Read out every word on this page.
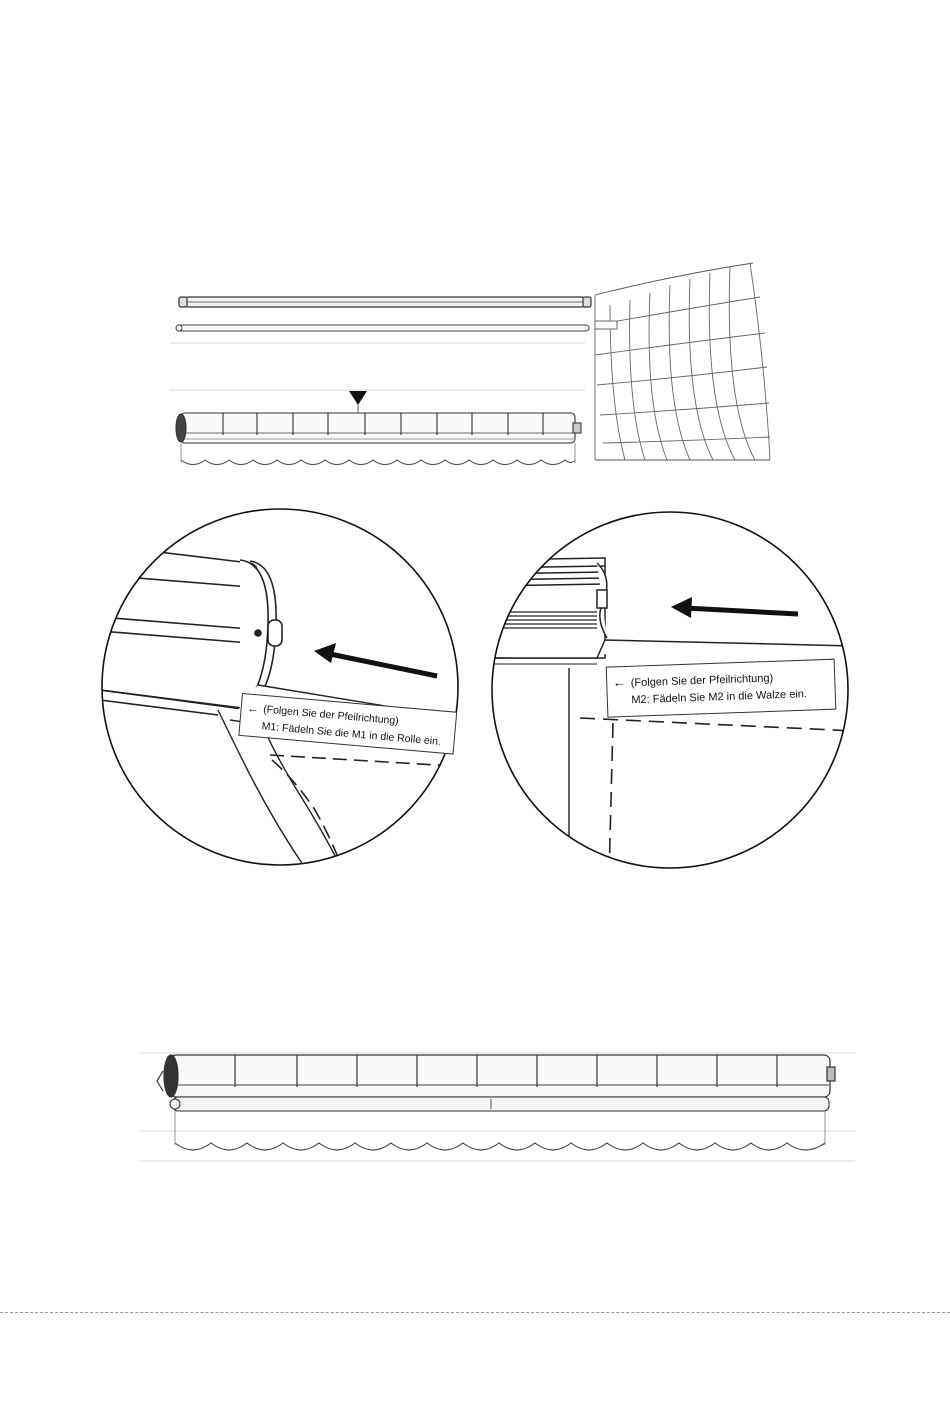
← (Folgen Sie der Pfeilrichtung)
M1: Fädeln Sie die M1 in die Rolle ein.
← (Folgen Sie der Pfeilrichtung)
M2: Fädeln Sie M2 in die Walze ein.
